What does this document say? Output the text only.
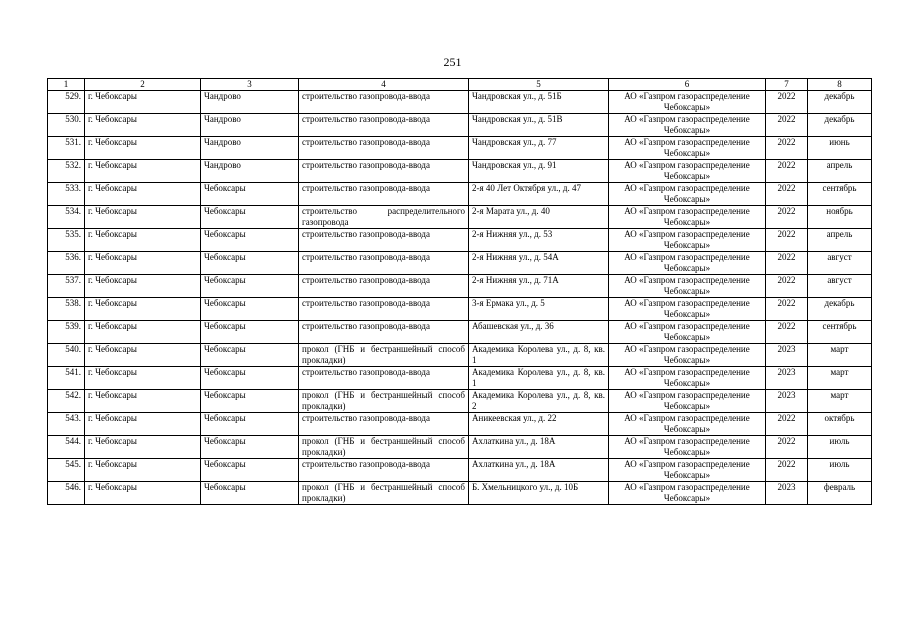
251
1	2	3	4	5	6	7	8
529.	г. Чебоксары	Чандрово	строительство газопровода-ввода	Чандровская ул., д. 51Б	АО «Газпром газораспределение Чебоксары»	2022	декабрь
530.	г. Чебоксары	Чандрово	строительство газопровода-ввода	Чандровская ул., д. 51В	АО «Газпром газораспределение Чебоксары»	2022	декабрь
531.	г. Чебоксары	Чандрово	строительство газопровода-ввода	Чандровская ул., д. 77	АО «Газпром газораспределение Чебоксары»	2022	июнь
532.	г. Чебоксары	Чандрово	строительство газопровода-ввода	Чандровская ул., д. 91	АО «Газпром газораспределение Чебоксары»	2022	апрель
533.	г. Чебоксары	Чебоксары	строительство газопровода-ввода	2-я 40 Лет Октября ул., д. 47	АО «Газпром газораспределение Чебоксары»	2022	сентябрь
534.	г. Чебоксары	Чебоксары	строительство распределительного газопровода	2-я Марата ул., д. 40	АО «Газпром газораспределение Чебоксары»	2022	ноябрь
535.	г. Чебоксары	Чебоксары	строительство газопровода-ввода	2-я Нижняя ул., д. 53	АО «Газпром газораспределение Чебоксары»	2022	апрель
536.	г. Чебоксары	Чебоксары	строительство газопровода-ввода	2-я Нижняя ул., д. 54А	АО «Газпром газораспределение Чебоксары»	2022	август
537.	г. Чебоксары	Чебоксары	строительство газопровода-ввода	2-я Нижняя ул., д. 71А	АО «Газпром газораспределение Чебоксары»	2022	август
538.	г. Чебоксары	Чебоксары	строительство газопровода-ввода	3-я Ермака ул., д. 5	АО «Газпром газораспределение Чебоксары»	2022	декабрь
539.	г. Чебоксары	Чебоксары	строительство газопровода-ввода	Абашевская ул., д. 36	АО «Газпром газораспределение Чебоксары»	2022	сентябрь
540.	г. Чебоксары	Чебоксары	прокол (ГНБ и бестраншейный способ прокладки)	Академика Королева ул., д. 8, кв. 1	АО «Газпром газораспределение Чебоксары»	2023	март
541.	г. Чебоксары	Чебоксары	строительство газопровода-ввода	Академика Королева ул., д. 8, кв. 1	АО «Газпром газораспределение Чебоксары»	2023	март
542.	г. Чебоксары	Чебоксары	прокол (ГНБ и бестраншейный способ прокладки)	Академика Королева ул., д. 8, кв. 2	АО «Газпром газораспределение Чебоксары»	2023	март
543.	г. Чебоксары	Чебоксары	строительство газопровода-ввода	Аникеевская ул., д. 22	АО «Газпром газораспределение Чебоксары»	2022	октябрь
544.	г. Чебоксары	Чебоксары	прокол (ГНБ и бестраншейный способ прокладки)	Ахлаткина ул., д. 18А	АО «Газпром газораспределение Чебоксары»	2022	июль
545.	г. Чебоксары	Чебоксары	строительство газопровода-ввода	Ахлаткина ул., д. 18А	АО «Газпром газораспределение Чебоксары»	2022	июль
546.	г. Чебоксары	Чебоксары	прокол (ГНБ и бестраншейный способ прокладки)	Б. Хмельницкого ул., д. 10Б	АО «Газпром газораспределение Чебоксары»	2023	февраль
